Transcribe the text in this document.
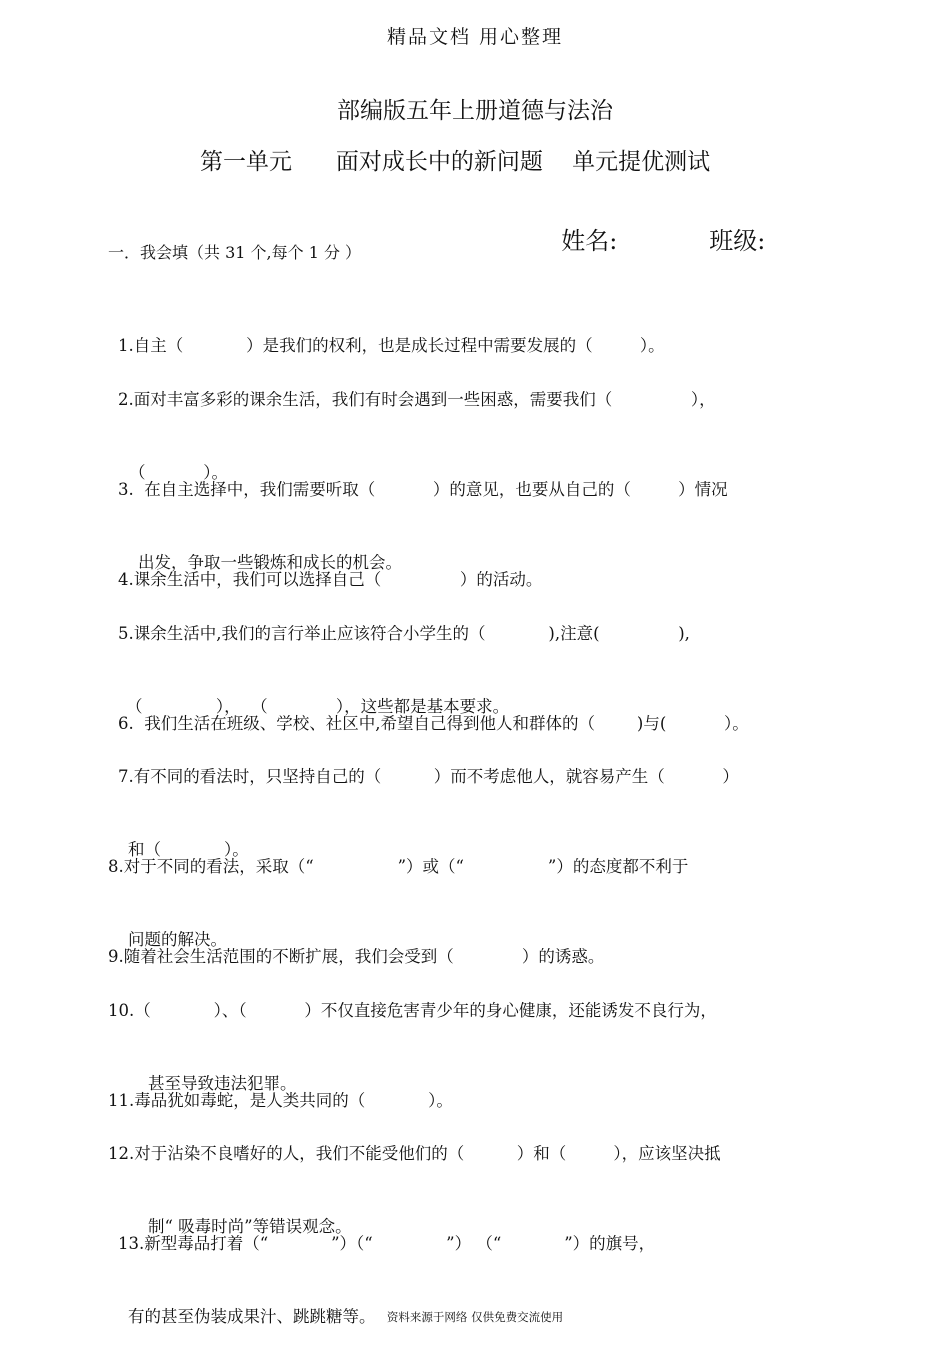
精品文档 用心整理
部编版五年上册道德与法治
第一单元      面对成长中的新问题    单元提优测试

姓名:	班级:

一．我会填（共 31 个,每个 1 分 ）

1.自主（            ）是我们的权利，也是成长过程中需要发展的（         ）。

2.面对丰富多彩的课余生活，我们有时会遇到一些困惑，需要我们（               ），

（           ）。

3.  在自主选择中，我们需要听取（           ）的意见，也要从自己的（         ）情况

出发，争取一些锻炼和成长的机会。

4.课余生活中，我们可以选择自己（               ）的活动。

5.课余生活中,我们的言行举止应该符合小学生的（            ),注意(               ),

（              ），  （             ），这些都是基本要求。

6.  我们生活在班级、学校、社区中,希望自己得到他人和群体的（        )与(           ）。

7.有不同的看法时，只坚持自己的（          ）而不考虑他人，就容易产生（           ）

和（            ）。

8.对于不同的看法，采取（“                ”）或（“                ”）的态度都不利于

问题的解决。

9.随着社会生活范围的不断扩展，我们会受到（             ）的诱惑。

10.（            ）、（           ）不仅直接危害青少年的身心健康，还能诱发不良行为，

甚至导致违法犯罪。

11.毒品犹如毒蛇，是人类共同的（            ）。

12.对于沾染不良嗜好的人，我们不能受他们的（          ）和（         ），应该坚决抵

制“ 吸毒时尚”等错误观念。

13.新型毒品打着（“            ”）（“              ”） （“            ”）的旗号，

有的甚至伪装成果汁、跳跳糖等。 资料来源于网络 仅供免费交流使用
